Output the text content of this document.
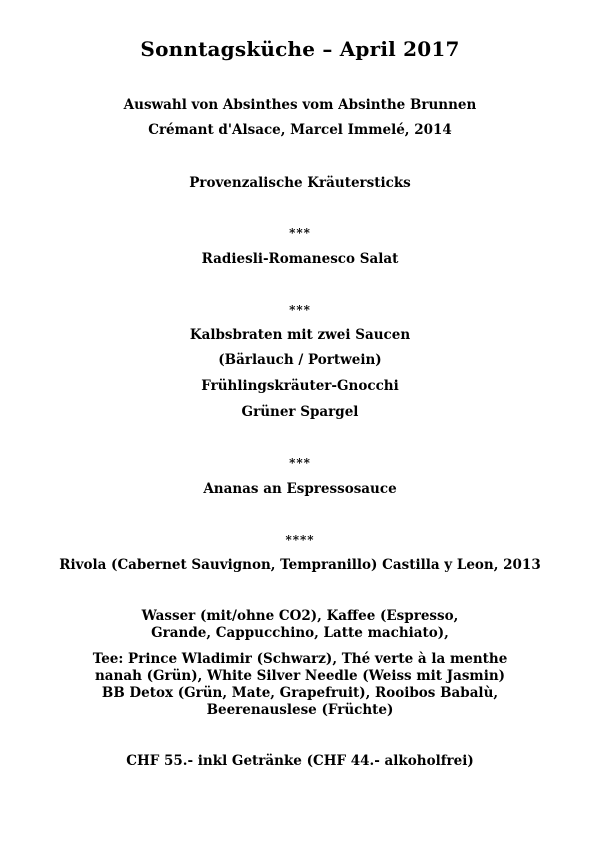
Sonntagsküche – April 2017

Auswahl von Absinthes vom Absinthe Brunnen

Crémant d'Alsace, Marcel Immelé, 2014

Provenzalische Kräutersticks

***

Radiesli-Romanesco Salat

***

Kalbsbraten mit zwei Saucen

(Bärlauch / Portwein)

Frühlingskräuter-Gnocchi

Grüner Spargel

***

Ananas an Espressosauce

****

Rivola (Cabernet Sauvignon, Tempranillo) Castilla y Leon, 2013

Wasser (mit/ohne CO2), Kaffee (Espresso, Grande, Cappucchino, Latte machiato),

Tee: Prince Wladimir (Schwarz), Thé verte à la menthe nanah (Grün), White Silver Needle (Weiss mit Jasmin) BB Detox (Grün, Mate, Grapefruit), Rooibos Babalù, Beerenauslese (Früchte)

CHF 55.- inkl Getränke (CHF 44.- alkoholfrei)
